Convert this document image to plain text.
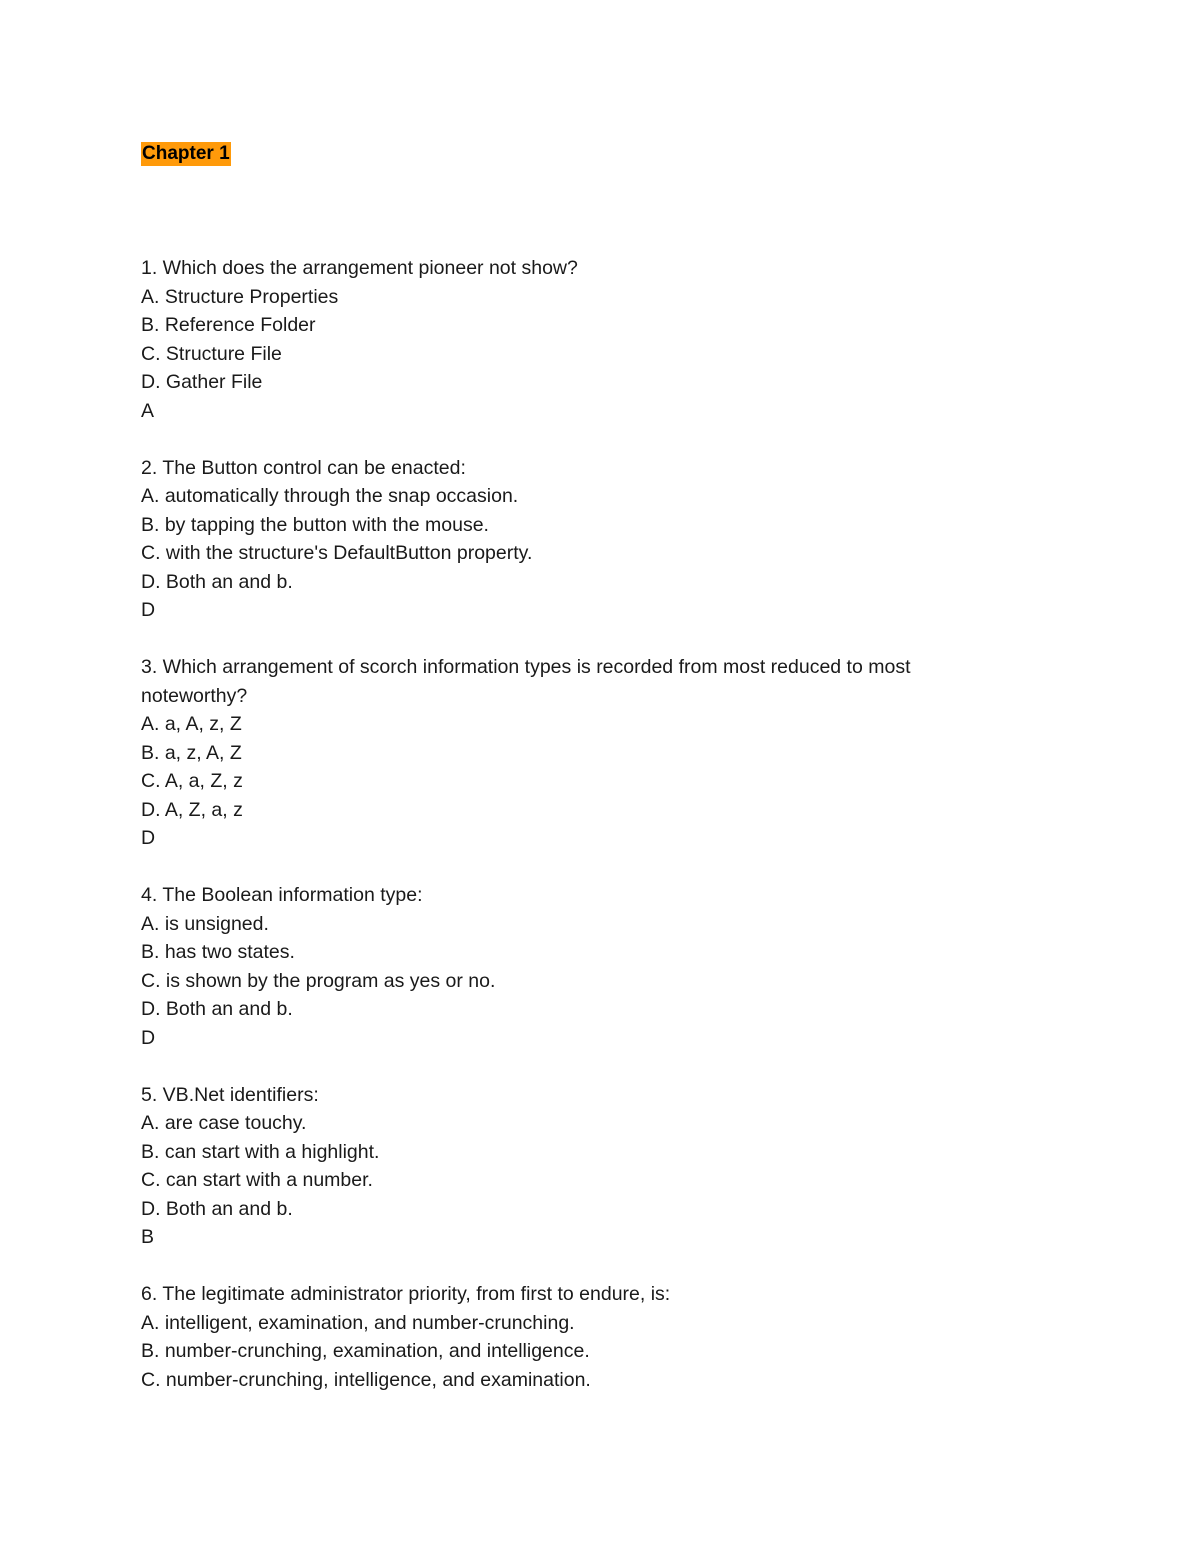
Chapter 1
1. Which does the arrangement pioneer not show?
A. Structure Properties
B. Reference Folder
C. Structure File
D. Gather File
A
2. The Button control can be enacted:
A. automatically through the snap occasion.
B. by tapping the button with the mouse.
C. with the structure's DefaultButton property.
D. Both an and b.
D
3. Which arrangement of scorch information types is recorded from most reduced to most noteworthy?
A. a, A, z, Z
B. a, z, A, Z
C. A, a, Z, z
D. A, Z, a, z
D
4. The Boolean information type:
A. is unsigned.
B. has two states.
C. is shown by the program as yes or no.
D. Both an and b.
D
5. VB.Net identifiers:
A. are case touchy.
B. can start with a highlight.
C. can start with a number.
D. Both an and b.
B
6. The legitimate administrator priority, from first to endure, is:
A. intelligent, examination, and number-crunching.
B. number-crunching, examination, and intelligence.
C. number-crunching, intelligence, and examination.
